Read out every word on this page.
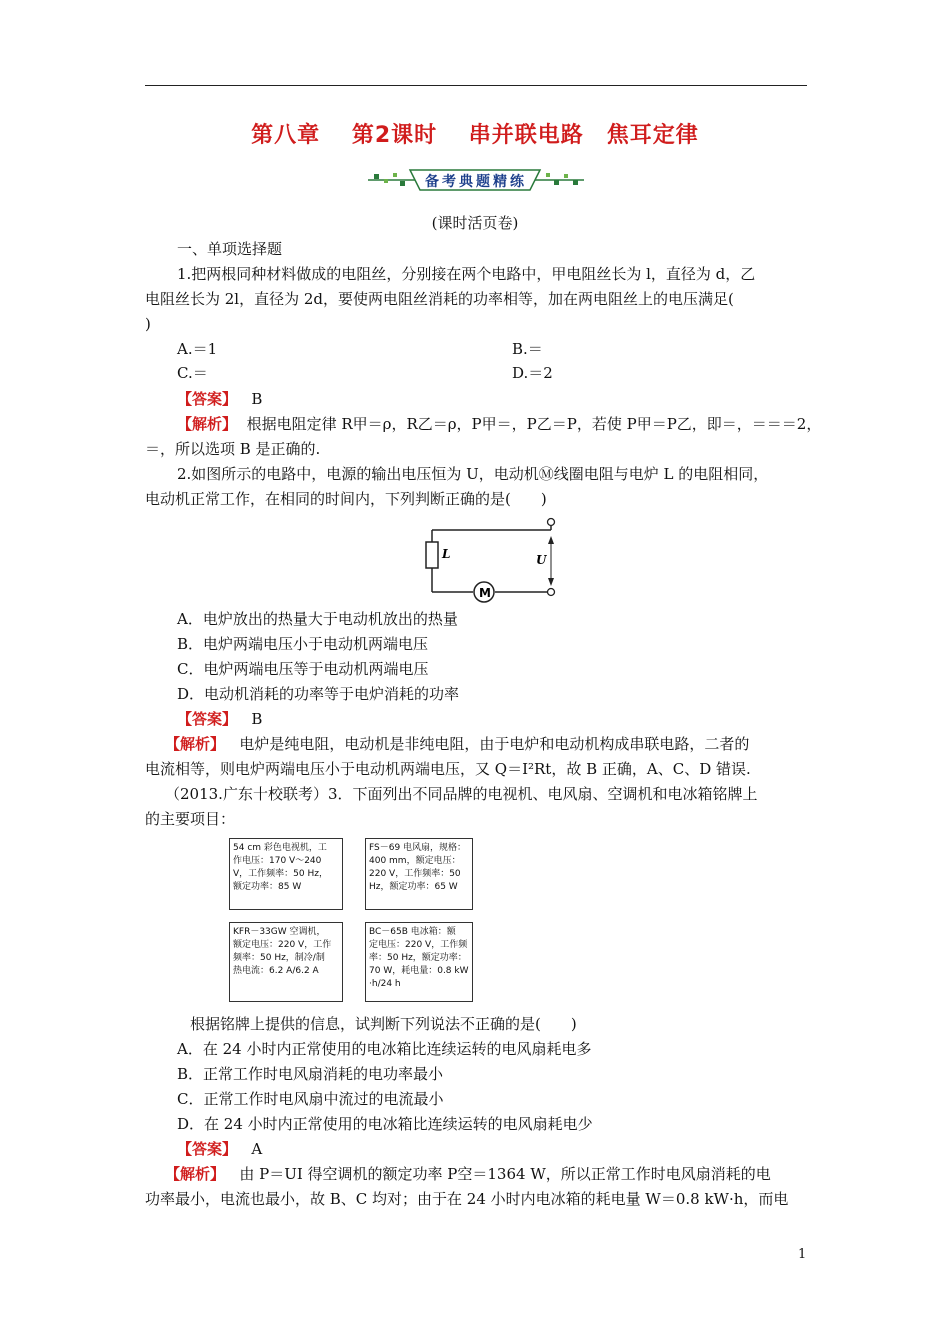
第八章　 第2课时　 串并联电路　焦耳定律
备考典题精练
(课时活页卷)
一、单项选择题
1.把两根同种材料做成的电阻丝，分别接在两个电路中，甲电阻丝长为 l，直径为 d，乙
电阻丝长为 2l，直径为 2d，要使两电阻丝消耗的功率相等，加在两电阻丝上的电压满足(
)
A.＝1	B.＝
C.＝	D.＝2
【答案】 B
【解析】 根据电阻定律 R甲＝ρ，R乙＝ρ，P甲＝，P乙＝P，若使 P甲＝P乙，即＝，＝＝＝2，
＝，所以选项 B 是正确的.
2.如图所示的电路中，电源的输出电压恒为 U，电动机Ⓜ线圈电阻与电炉 L 的电阻相同，
电动机正常工作，在相同的时间内，下列判断正确的是(　　)
L	U
M
A．电炉放出的热量大于电动机放出的热量
B．电炉两端电压小于电动机两端电压
C．电炉两端电压等于电动机两端电压
D．电动机消耗的功率等于电炉消耗的功率
【答案】 B
【解析】 电炉是纯电阻，电动机是非纯电阻，由于电炉和电动机构成串联电路，二者的
电流相等，则电炉两端电压小于电动机两端电压，又 Q＝I²Rt，故 B 正确，A、C、D 错误.
（2013.广东十校联考）3．下面列出不同品牌的电视机、电风扇、空调机和电冰箱铭牌上
的主要项目：
54 cm 彩色电视机，工
作电压：170 V～240
V，工作频率：50 Hz，
额定功率：85 W
FS－69 电风扇，规格：
400 mm，额定电压：
220 V，工作频率：50
Hz，额定功率：65 W
KFR－33GW 空调机，
额定电压：220 V，工作
频率：50 Hz，制冷/制
热电流：6.2 A/6.2 A
BC－65B 电冰箱：额
定电压：220 V，工作频
率：50 Hz，额定功率：
70 W，耗电量：0.8 kW
·h/24 h
根据铭牌上提供的信息，试判断下列说法不正确的是(　　)
A．在 24 小时内正常使用的电冰箱比连续运转的电风扇耗电多
B．正常工作时电风扇消耗的电功率最小
C．正常工作时电风扇中流过的电流最小
D．在 24 小时内正常使用的电冰箱比连续运转的电风扇耗电少
【答案】 A
【解析】 由 P＝UI 得空调机的额定功率 P空＝1364 W，所以正常工作时电风扇消耗的电
功率最小，电流也最小，故 B、C 均对；由于在 24 小时内电冰箱的耗电量 W＝0.8 kW·h，而电
1
